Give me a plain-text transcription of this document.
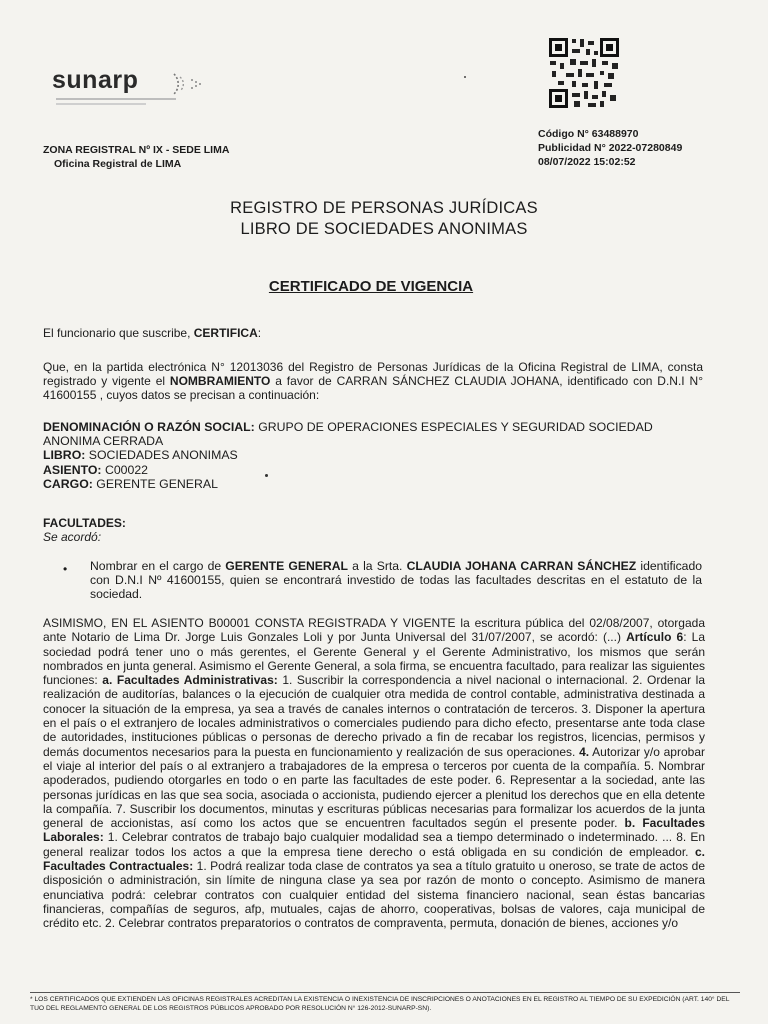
sunarp
Código N° 63488970
Publicidad N° 2022-07280849
08/07/2022 15:02:52
ZONA REGISTRAL Nº IX - SEDE LIMA
Oficina Registral de LIMA
REGISTRO DE PERSONAS JURÍDICAS
LIBRO DE SOCIEDADES ANONIMAS
CERTIFICADO DE VIGENCIA
El funcionario que suscribe, CERTIFICA:
Que, en la partida electrónica N° 12013036 del Registro de Personas Jurídicas de la Oficina Registral de LIMA, consta registrado y vigente el NOMBRAMIENTO a favor de CARRAN SÁNCHEZ CLAUDIA JOHANA, identificado con D.N.I N° 41600155 , cuyos datos se precisan a continuación:
DENOMINACIÓN O RAZÓN SOCIAL: GRUPO DE OPERACIONES ESPECIALES Y SEGURIDAD SOCIEDAD ANONIMA CERRADA
LIBRO: SOCIEDADES ANONIMAS
ASIENTO: C00022
CARGO: GERENTE GENERAL
FACULTADES:
Se acordó:
•	Nombrar en el cargo de GERENTE GENERAL a la Srta. CLAUDIA JOHANA CARRAN SÁNCHEZ identificado con D.N.I Nº 41600155, quien se encontrará investido de todas las facultades descritas en el estatuto de la sociedad.
ASIMISMO, EN EL ASIENTO B00001 CONSTA REGISTRADA Y VIGENTE la escritura pública del 02/08/2007, otorgada ante Notario de Lima Dr. Jorge Luis Gonzales Loli y por Junta Universal del 31/07/2007, se acordó: (...) Artículo 6: La sociedad podrá tener uno o más gerentes, el Gerente General y el Gerente Administrativo, los mismos que serán nombrados en junta general. Asimismo el Gerente General, a sola firma, se encuentra facultado, para realizar las siguientes funciones: a. Facultades Administrativas: 1. Suscribir la correspondencia a nivel nacional o internacional. 2. Ordenar la realización de auditorías, balances o la ejecución de cualquier otra medida de control contable, administrativa destinada a conocer la situación de la empresa, ya sea a través de canales internos o contratación de terceros. 3. Disponer la apertura en el país o el extranjero de locales administrativos o comerciales pudiendo para dicho efecto, presentarse ante toda clase de autoridades, instituciones públicas o personas de derecho privado a fin de recabar los registros, licencias, permisos y demás documentos necesarios para la puesta en funcionamiento y realización de sus operaciones. 4. Autorizar y/o aprobar el viaje al interior del país o al extranjero a trabajadores de la empresa o terceros por cuenta de la compañía. 5. Nombrar apoderados, pudiendo otorgarles en todo o en parte las facultades de este poder. 6. Representar a la sociedad, ante las personas jurídicas en las que sea socia, asociada o accionista, pudiendo ejercer a plenitud los derechos que en ella detente la compañía. 7. Suscribir los documentos, minutas y escrituras públicas necesarias para formalizar los acuerdos de la junta general de accionistas, así como los actos que se encuentren facultados según el presente poder. b. Facultades Laborales: 1. Celebrar contratos de trabajo bajo cualquier modalidad sea a tiempo determinado o indeterminado. ... 8. En general realizar todos los actos a que la empresa tiene derecho o está obligada en su condición de empleador. c. Facultades Contractuales: 1. Podrá realizar toda clase de contratos ya sea a título gratuito u oneroso, se trate de actos de disposición o administración, sin límite de ninguna clase ya sea por razón de monto o concepto. Asimismo de manera enunciativa podrá: celebrar contratos con cualquier entidad del sistema financiero nacional, sean éstas bancarias financieras, compañías de seguros, afp, mutuales, cajas de ahorro, cooperativas, bolsas de valores, caja municipal de crédito etc. 2. Celebrar contratos preparatorios o contratos de compraventa, permuta, donación de bienes, acciones y/o
* LOS CERTIFICADOS QUE EXTIENDEN LAS OFICINAS REGISTRALES ACREDITAN LA EXISTENCIA O INEXISTENCIA DE INSCRIPCIONES O ANOTACIONES EN EL REGISTRO AL TIEMPO DE SU EXPEDICIÓN (ART. 140° DEL TUO DEL REGLAMENTO GENERAL DE LOS REGISTROS PÚBLICOS APROBADO POR RESOLUCIÓN N° 126-2012-SUNARP-SN).
